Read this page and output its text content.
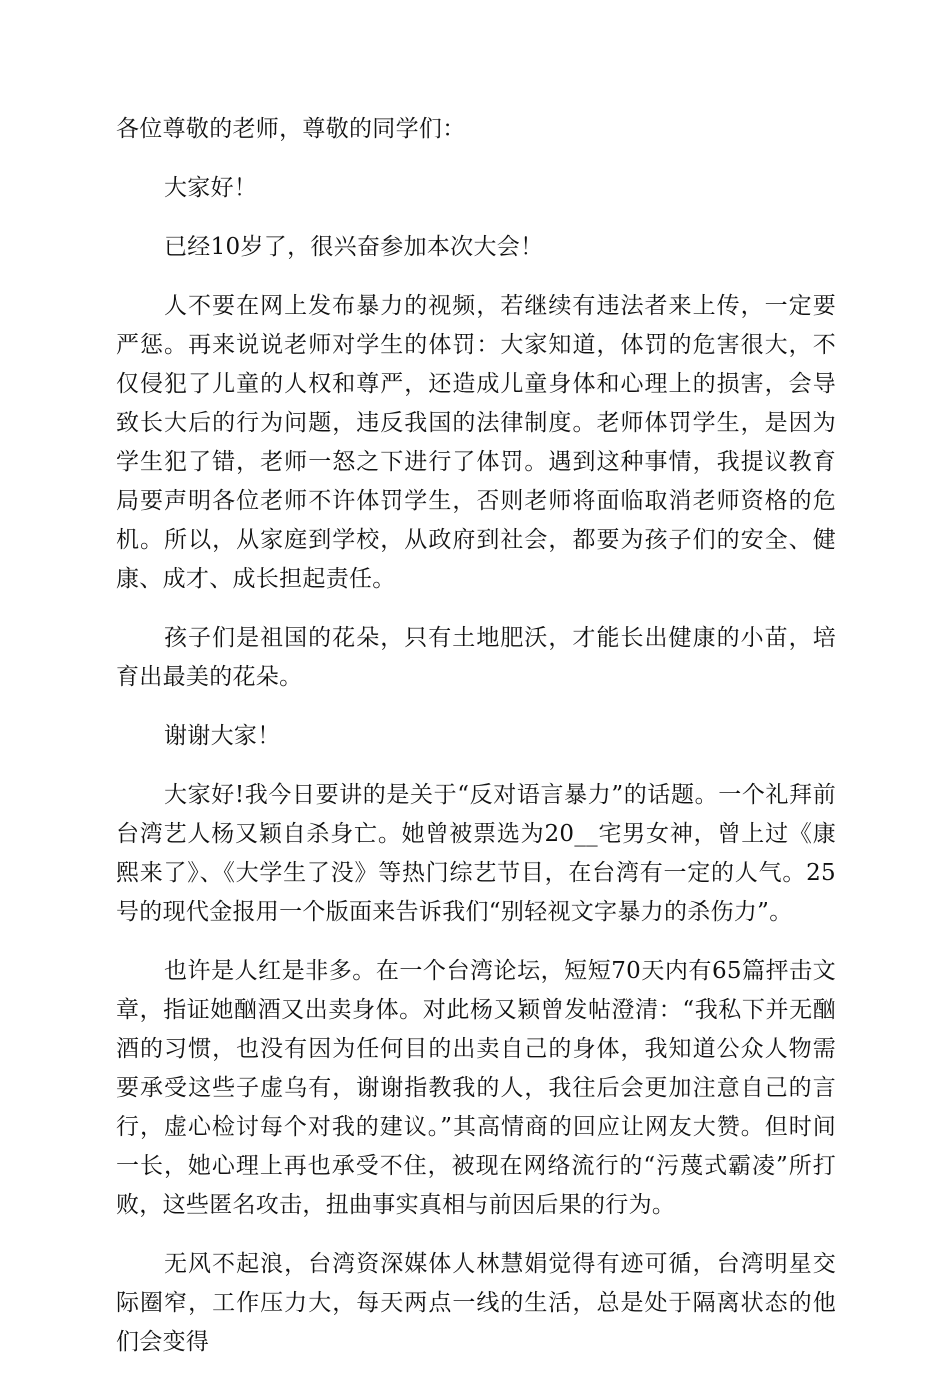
各位尊敬的老师，尊敬的同学们：

大家好！

已经10岁了，很兴奋参加本次大会！

人不要在网上发布暴力的视频，若继续有违法者来上传，一定要严惩。再来说说老师对学生的体罚：大家知道，体罚的危害很大，不仅侵犯了儿童的人权和尊严，还造成儿童身体和心理上的损害，会导致长大后的行为问题，违反我国的法律制度。老师体罚学生，是因为学生犯了错，老师一怒之下进行了体罚。遇到这种事情，我提议教育局要声明各位老师不许体罚学生，否则老师将面临取消老师资格的危机。所以，从家庭到学校，从政府到社会，都要为孩子们的安全、健康、成才、成长担起责任。

孩子们是祖国的花朵，只有土地肥沃，才能长出健康的小苗，培育出最美的花朵。

谢谢大家！

大家好!我今日要讲的是关于“反对语言暴力”的话题。一个礼拜前台湾艺人杨又颖自杀身亡。她曾被票选为20__宅男女神，曾上过《康熙来了》、《大学生了没》等热门综艺节目，在台湾有一定的人气。25号的现代金报用一个版面来告诉我们“别轻视文字暴力的杀伤力”。

也许是人红是非多。在一个台湾论坛，短短70天内有65篇抨击文章，指证她酗酒又出卖身体。对此杨又颖曾发帖澄清：“我私下并无酗酒的习惯，也没有因为任何目的出卖自己的身体，我知道公众人物需要承受这些子虚乌有，谢谢指教我的人，我往后会更加注意自己的言行，虚心检讨每个对我的建议。”其高情商的回应让网友大赞。但时间一长，她心理上再也承受不住，被现在网络流行的“污蔑式霸凌”所打败，这些匿名攻击，扭曲事实真相与前因后果的行为。

无风不起浪，台湾资深媒体人林慧娟觉得有迹可循，台湾明星交际圈窄，工作压力大，每天两点一线的生活，总是处于隔离状态的他们会变得
